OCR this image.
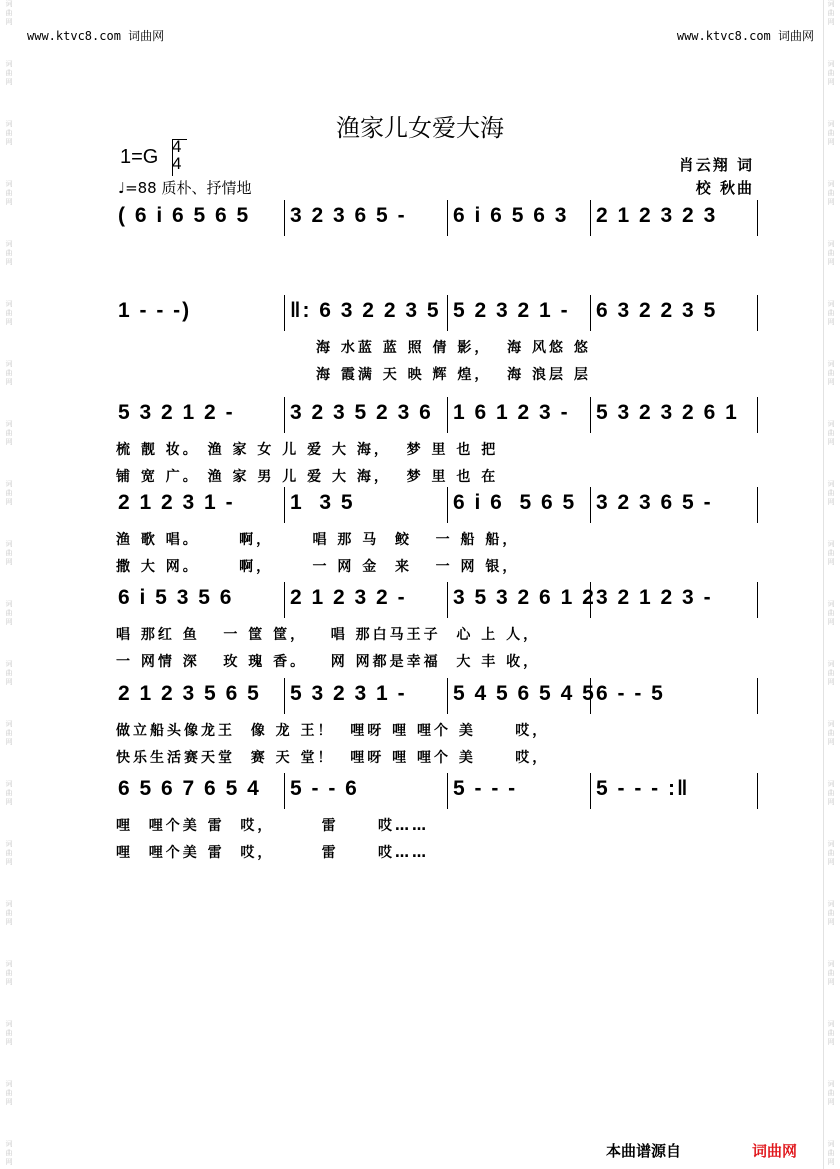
词
曲
网
词
曲
网
词
曲
网
词
曲
网
词
曲
网
词
曲
网
词
曲
网
词
曲
网
词
曲
网
词
曲
网
词
曲
网
词
曲
网
词
曲
网
词
曲
网
词
曲
网
词
曲
网
词
曲
网
词
曲
网
词
曲
网
词
曲
网
词
曲
网
词
曲
网
词
曲
网
词
曲
网
词
曲
网
词
曲
网
词
曲
网
词
曲
网
词
曲
网
词
曲
网
词
曲
网
词
曲
网
词
曲
网
词
曲
网
词
曲
网
词
曲
网
词
曲
网
词
曲
网
词
曲
网
词
曲
网
www.ktvc8.com 词曲网	www.ktvc8.com 词曲网
渔家儿女爱大海
1=G 4
4
♩=88 质朴、抒情地
肖云翔 词
校 秋曲
( 6 i 6 5 6 5 3 2 3 6 5 - 6 i 6 5 6 3 2 1 2 3 2 3
1 - - -)	‖: 6 3 2 2 3 5 5 2 3 2 1 - 6 3 2 2 3 5
海 水蓝 蓝 照 倩 影，  海 风悠 悠
海 霞满 天 映 辉 煌，  海 浪层 层
5 3 2 1 2 -	3 2 3 5 2 3 6 1 6 1 2 3 - 5 3 2 3 2 6 1
梳 靓 妆。 渔 家 女 儿 爱 大 海，  梦 里 也 把
铺 宽 广。 渔 家 男 儿 爱 大 海，  梦 里 也 在
2 1 2 3 1 -	1  3 5	6 i 6  5 6 5 3 2 3 6 5 -
渔 歌 唱。     啊，     唱 那 马  鲛   一 船 船，
撒 大 网。     啊，     一 网 金  来   一 网 银，
6 i 5 3 5 6	2 1 2 3 2 - 3 5 3 2 6 1 2 3 2 1 2 3 -
唱 那红 鱼   一 筐 筐，   唱 那白马王子  心 上 人，
一 网情 深   玫 瑰 香。   网 网都是幸福  大 丰 收，
2 1 2 3 5 6 5 5 3 2 3 1 - 5 4 5 6 5 4 5 6 - - 5
做立船头像龙王  像 龙 王！  哩呀 哩 哩个 美     哎，
快乐生活赛天堂  赛 天 堂！  哩呀 哩 哩个 美     哎，
6 5 6 7 6 5 4 5 - - 6	5 - - -	5 - - - :‖
哩  哩个美 雷  哎，      雷     哎……
哩  哩个美 雷  哎，      雷     哎……
本曲谱源自	词曲网
